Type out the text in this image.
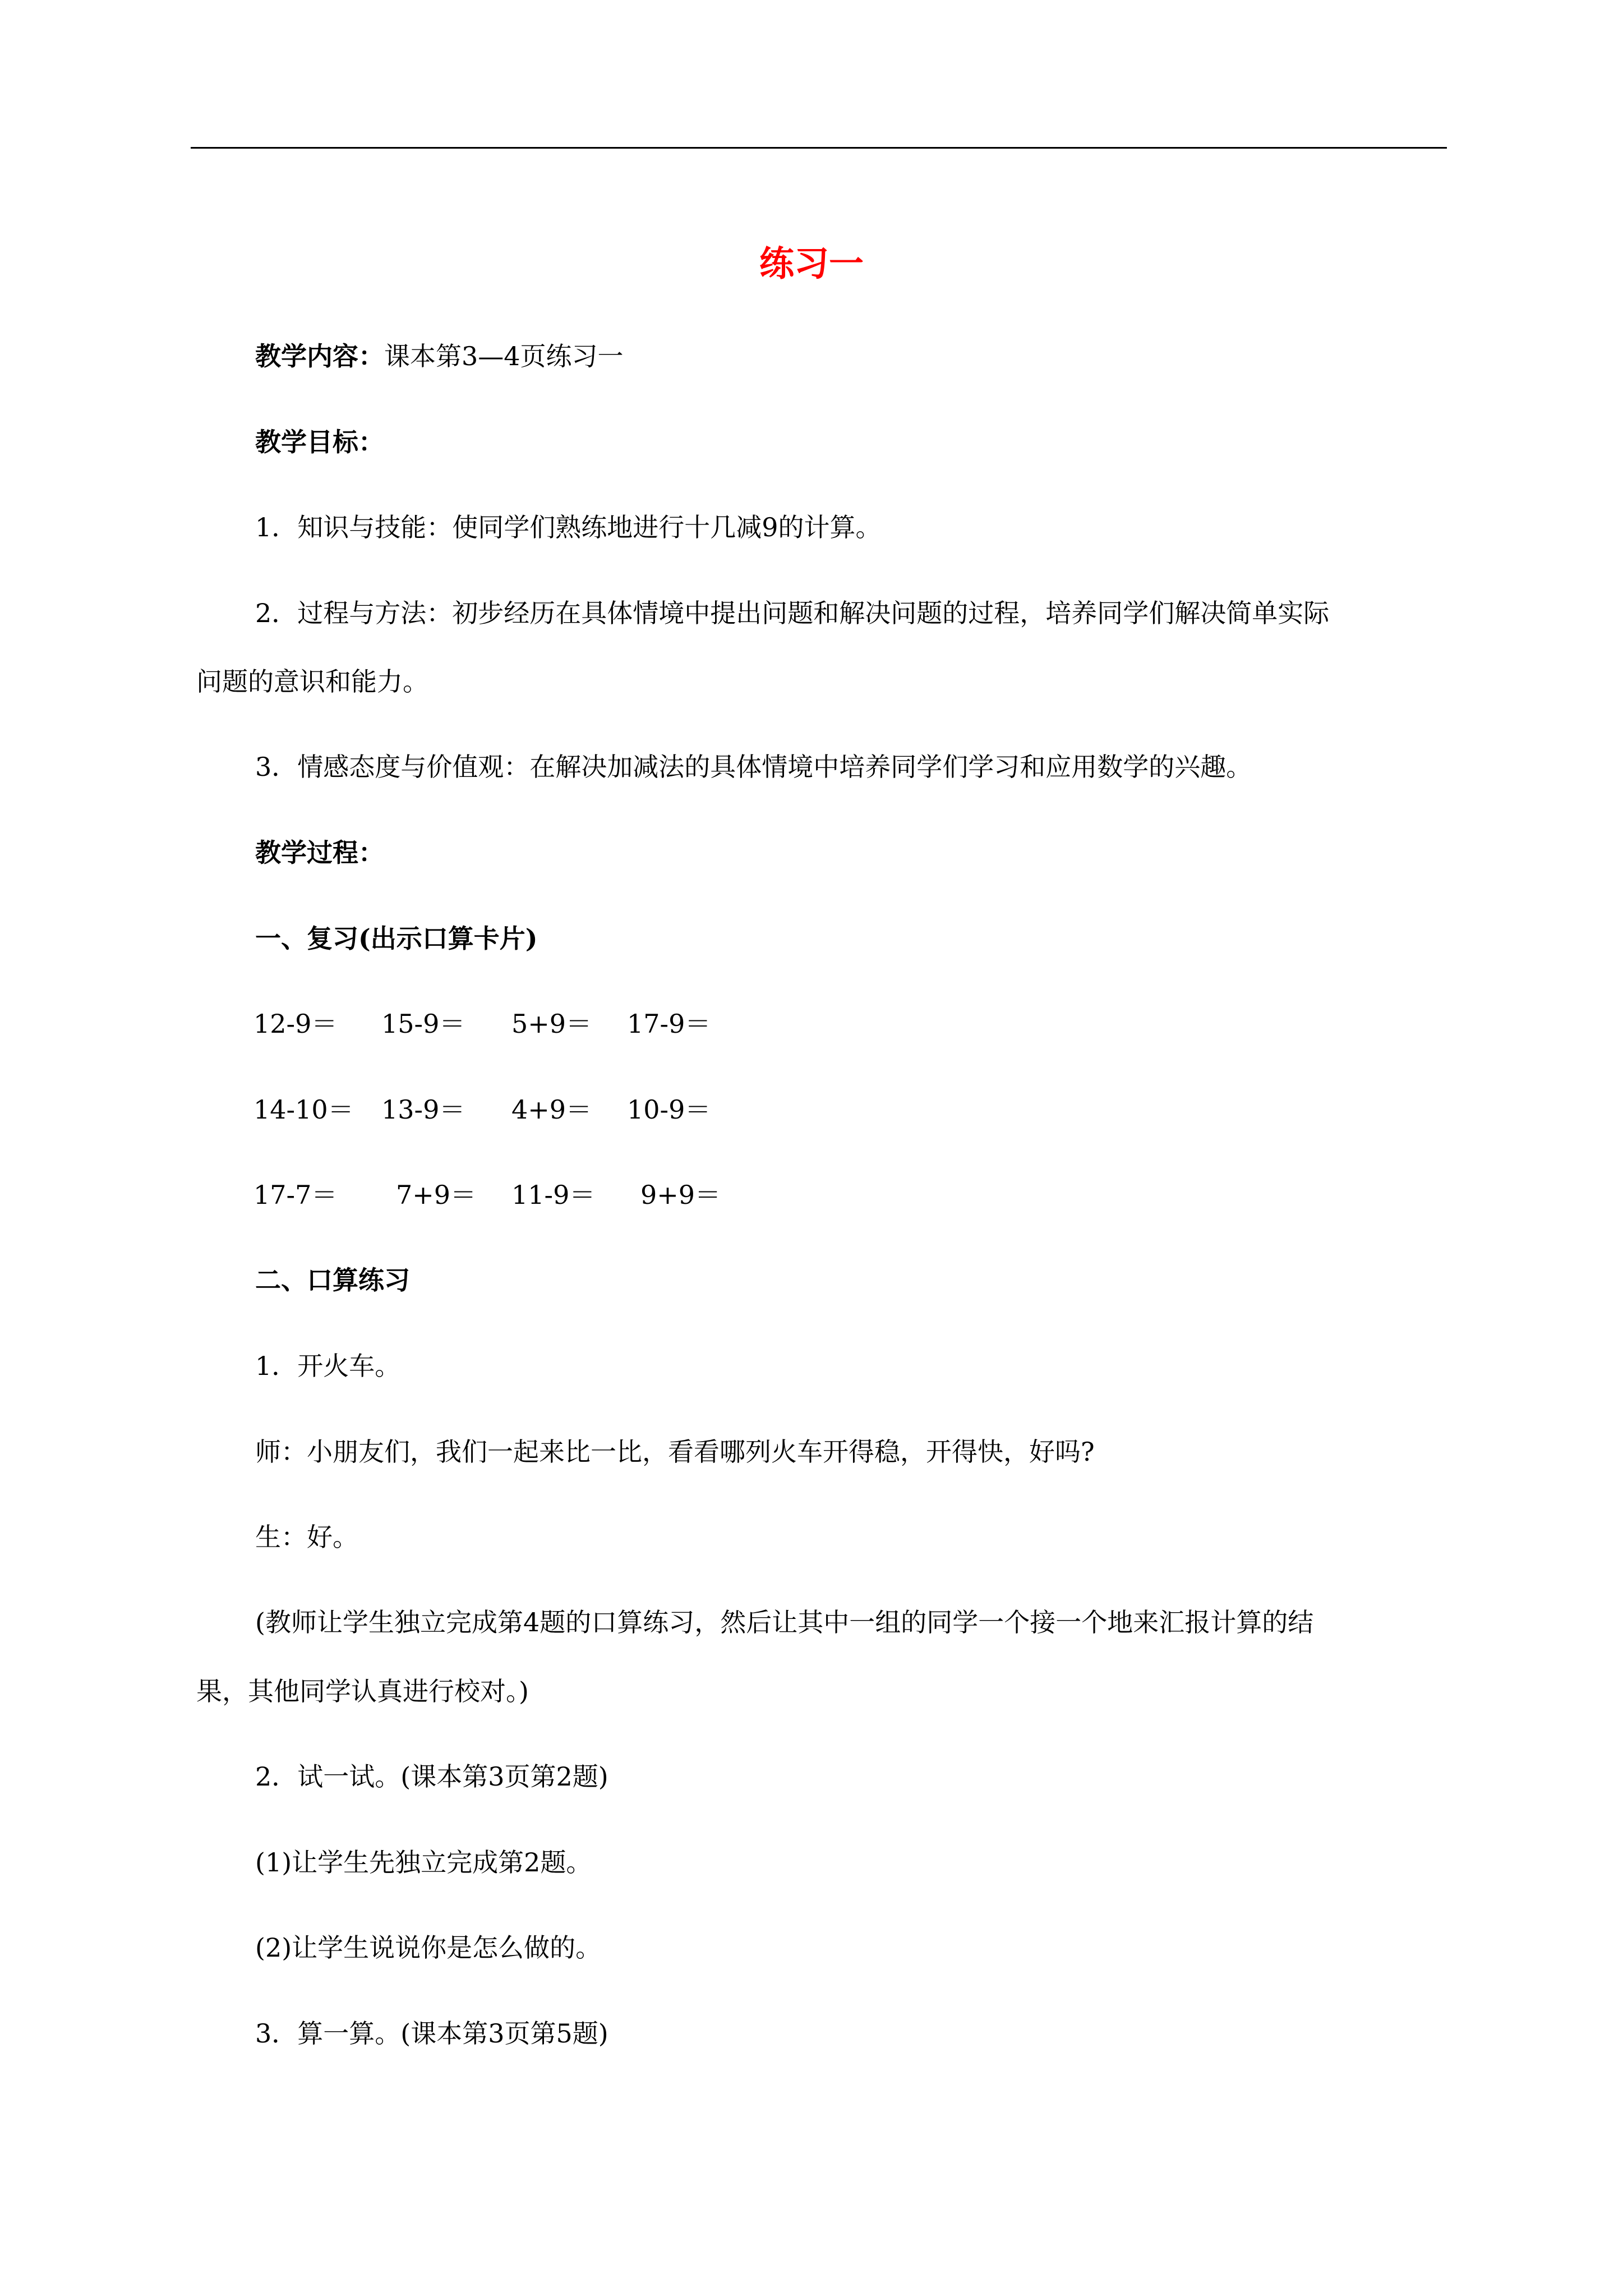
练习一
教学内容：课本第3—4页练习一
教学目标：
1．知识与技能：使同学们熟练地进行十几减9的计算。
2．过程与方法：初步经历在具体情境中提出问题和解决问题的过程，培养同学们解决简单实际
问题的意识和能力。
3．情感态度与价值观：在解决加减法的具体情境中培养同学们学习和应用数学的兴趣。
教学过程：
一、复习(出示口算卡片)
12-9＝ 15-9＝ 5+9＝ 17-9＝
14-10＝ 13-9＝ 4+9＝ 10-9＝
17-7＝ 7+9＝ 11-9＝ 9+9＝
二、口算练习
1．开火车。
师：小朋友们，我们一起来比一比，看看哪列火车开得稳，开得快，好吗?
生：好。
(教师让学生独立完成第4题的口算练习，然后让其中一组的同学一个接一个地来汇报计算的结
果，其他同学认真进行校对。)
2．试一试。(课本第3页第2题)
(1)让学生先独立完成第2题。
(2)让学生说说你是怎么做的。
3．算一算。(课本第3页第5题)
